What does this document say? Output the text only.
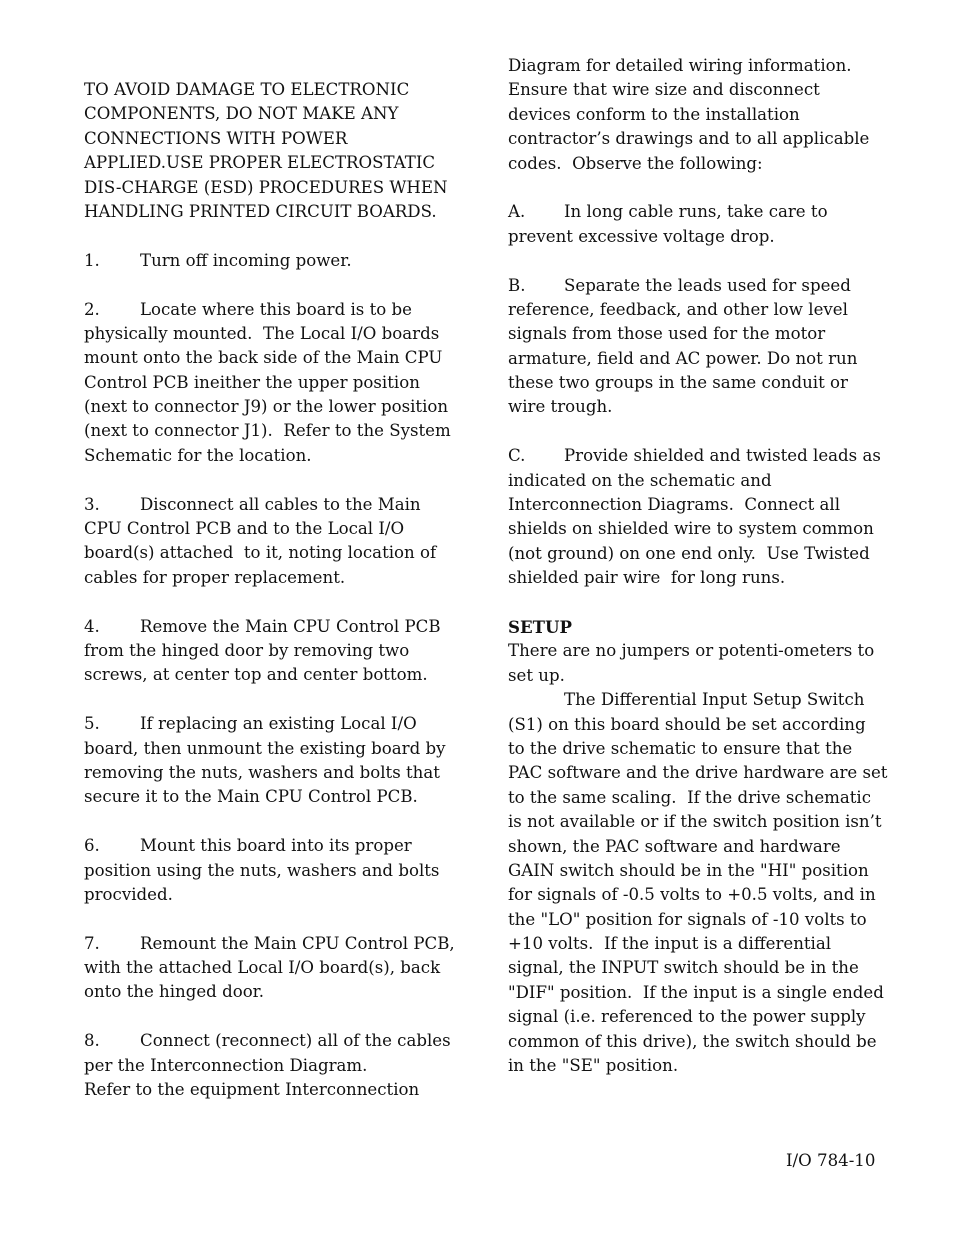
TO AVOID DAMAGE TO ELECTRONIC
COMPONENTS, DO NOT MAKE ANY
CONNECTIONS WITH POWER
APPLIED.USE PROPER ELECTROSTATIC
DIS-CHARGE (ESD) PROCEDURES WHEN
HANDLING PRINTED CIRCUIT BOARDS.
1. Turn off incoming power.
2. Locate where this board is to be
physically mounted.  The Local I/O boards
mount onto the back side of the Main CPU
Control PCB ineither the upper position
(next to connector J9) or the lower position
(next to connector J1).  Refer to the System
Schematic for the location.
3. Disconnect all cables to the Main
CPU Control PCB and to the Local I/O
board(s) attached  to it, noting location of
cables for proper replacement.
4. Remove the Main CPU Control PCB
from the hinged door by removing two
screws, at center top and center bottom.
5. If replacing an existing Local I/O
board, then unmount the existing board by
removing the nuts, washers and bolts that
secure it to the Main CPU Control PCB.
6. Mount this board into its proper
position using the nuts, washers and bolts
procvided.
7. Remount the Main CPU Control PCB,
with the attached Local I/O board(s), back
onto the hinged door.
8. Connect (reconnect) all of the cables
per the Interconnection Diagram.
Refer to the equipment Interconnection
Diagram for detailed wiring information.
Ensure that wire size and disconnect
devices conform to the installation
contractor’s drawings and to all applicable
codes.  Observe the following:
A. In long cable runs, take care to
prevent excessive voltage drop.
B. Separate the leads used for speed
reference, feedback, and other low level
signals from those used for the motor
armature, field and AC power. Do not run
these two groups in the same conduit or
wire trough.
C. Provide shielded and twisted leads as
indicated on the schematic and
Interconnection Diagrams.  Connect all
shields on shielded wire to system common
(not ground) on one end only.  Use Twisted
shielded pair wire  for long runs.
SETUP
There are no jumpers or potenti-ometers to
set up.
The Differential Input Setup Switch
(S1) on this board should be set according
to the drive schematic to ensure that the
PAC software and the drive hardware are set
to the same scaling.  If the drive schematic
is not available or if the switch position isn’t
shown, the PAC software and hardware
GAIN switch should be in the "HI" position
for signals of -0.5 volts to +0.5 volts, and in
the "LO" position for signals of -10 volts to
+10 volts.  If the input is a differential
signal, the INPUT switch should be in the
"DIF" position.  If the input is a single ended
signal (i.e. referenced to the power supply
common of this drive), the switch should be
in the "SE" position.
I/O 784-10
